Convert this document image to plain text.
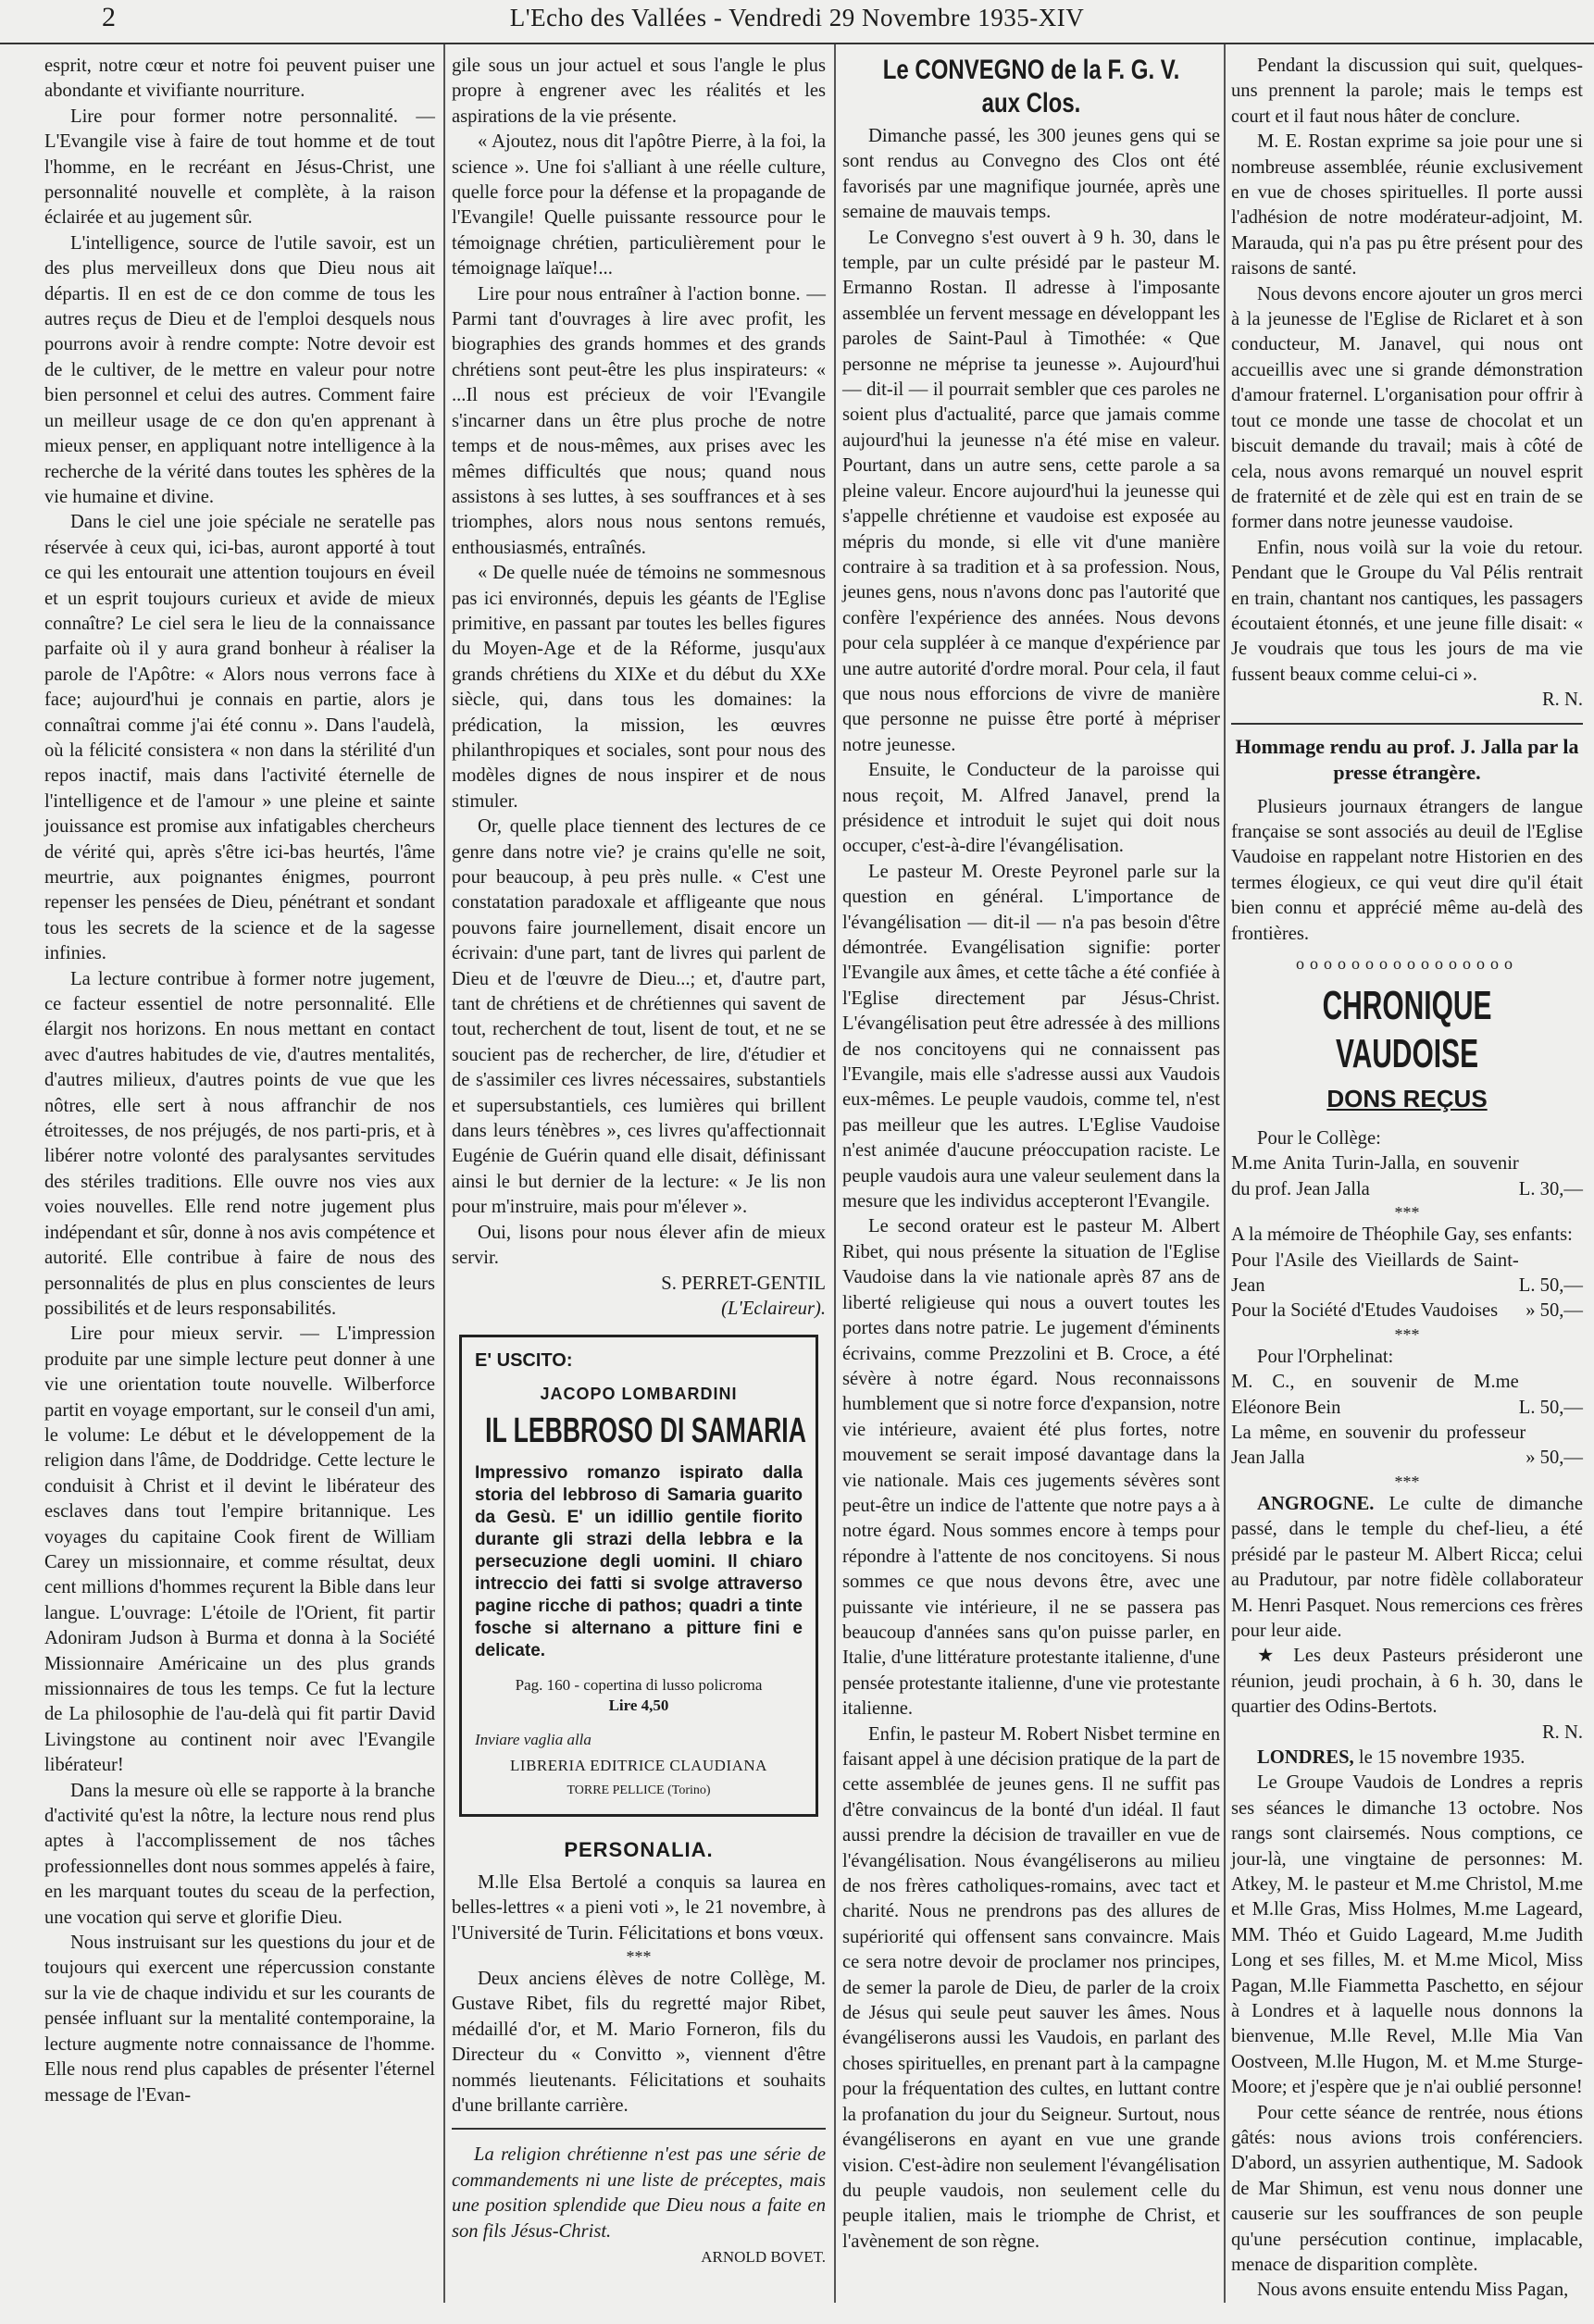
2	L'Echo des Vallées - Vendredi 29 Novembre 1935-XIV

esprit, notre cœur et notre foi peuvent puiser une abondante et vivifiante nourriture.

Lire pour former notre personnalité. — L'Evangile vise à faire de tout homme et de tout l'homme, en le recréant en Jésus-Christ, une personnalité nouvelle et complète, à la raison éclairée et au jugement sûr.

L'intelligence, source de l'utile savoir, est un des plus merveilleux dons que Dieu nous ait départis. Il en est de ce don comme de tous les autres reçus de Dieu et de l'emploi desquels nous pourrons avoir à rendre compte: Notre devoir est de le cultiver, de le mettre en valeur pour notre bien personnel et celui des autres. Comment faire un meilleur usage de ce don qu'en apprenant à mieux penser, en appliquant notre intelligence à la recherche de la vérité dans toutes les sphères de la vie humaine et divine.

Dans le ciel une joie spéciale ne seratelle pas réservée à ceux qui, ici-bas, auront apporté à tout ce qui les entourait une attention toujours en éveil et un esprit toujours curieux et avide de mieux connaître? Le ciel sera le lieu de la connaissance parfaite où il y aura grand bonheur à réaliser la parole de l'Apôtre: « Alors nous verrons face à face; aujourd'hui je connais en partie, alors je connaîtrai comme j'ai été connu ». Dans l'audelà, où la félicité consistera « non dans la stérilité d'un repos inactif, mais dans l'activité éternelle de l'intelligence et de l'amour » une pleine et sainte jouissance est promise aux infatigables chercheurs de vérité qui, après s'être ici-bas heurtés, l'âme meurtrie, aux poignantes énigmes, pourront repenser les pensées de Dieu, pénétrant et sondant tous les secrets de la science et de la sagesse infinies.

La lecture contribue à former notre jugement, ce facteur essentiel de notre personnalité. Elle élargit nos horizons. En nous mettant en contact avec d'autres habitudes de vie, d'autres mentalités, d'autres milieux, d'autres points de vue que les nôtres, elle sert à nous affranchir de nos étroitesses, de nos préjugés, de nos parti-pris, et à libérer notre volonté des paralysantes servitudes des stériles traditions. Elle ouvre nos vies aux voies nouvelles. Elle rend notre jugement plus indépendant et sûr, donne à nos avis compétence et autorité. Elle contribue à faire de nous des personnalités de plus en plus conscientes de leurs possibilités et de leurs responsabilités.

Lire pour mieux servir. — L'impression produite par une simple lecture peut donner à une vie une orientation toute nouvelle. Wilberforce partit en voyage emportant, sur le conseil d'un ami, le volume: Le début et le développement de la religion dans l'âme, de Doddridge. Cette lecture le conduisit à Christ et il devint le libérateur des esclaves dans tout l'empire britannique. Les voyages du capitaine Cook firent de William Carey un missionnaire, et comme résultat, deux cent millions d'hommes reçurent la Bible dans leur langue. L'ouvrage: L'étoile de l'Orient, fit partir Adoniram Judson à Burma et donna à la Société Missionnaire Américaine un des plus grands missionnaires de tous les temps. Ce fut la lecture de La philosophie de l'au-delà qui fit partir David Livingstone au continent noir avec l'Evangile libérateur!

Dans la mesure où elle se rapporte à la branche d'activité qu'est la nôtre, la lecture nous rend plus aptes à l'accomplissement de nos tâches professionnelles dont nous sommes appelés à faire, en les marquant toutes du sceau de la perfection, une vocation qui serve et glorifie Dieu.

Nous instruisant sur les questions du jour et de toujours qui exercent une répercussion constante sur la vie de chaque individu et sur les courants de pensée influant sur la mentalité contemporaine, la lecture augmente notre connaissance de l'homme. Elle nous rend plus capables de présenter l'éternel message de l'Evan-

gile sous un jour actuel et sous l'angle le plus propre à engrener avec les réalités et les aspirations de la vie présente.

« Ajoutez, nous dit l'apôtre Pierre, à la foi, la science ». Une foi s'alliant à une réelle culture, quelle force pour la défense et la propagande de l'Evangile! Quelle puissante ressource pour le témoignage chrétien, particulièrement pour le témoignage laïque!...

Lire pour nous entraîner à l'action bonne. — Parmi tant d'ouvrages à lire avec profit, les biographies des grands hommes et des grands chrétiens sont peut-être les plus inspirateurs: « ...Il nous est précieux de voir l'Evangile s'incarner dans un être plus proche de notre temps et de nous-mêmes, aux prises avec les mêmes difficultés que nous; quand nous assistons à ses luttes, à ses souffrances et à ses triomphes, alors nous nous sentons remués, enthousiasmés, entraînés.

« De quelle nuée de témoins ne sommesnous pas ici environnés, depuis les géants de l'Eglise primitive, en passant par toutes les belles figures du Moyen-Age et de la Réforme, jusqu'aux grands chrétiens du XIXe et du début du XXe siècle, qui, dans tous les domaines: la prédication, la mission, les œuvres philanthropiques et sociales, sont pour nous des modèles dignes de nous inspirer et de nous stimuler.

Or, quelle place tiennent des lectures de ce genre dans notre vie? je crains qu'elle ne soit, pour beaucoup, à peu près nulle. « C'est une constatation paradoxale et affligeante que nous pouvons faire journellement, disait encore un écrivain: d'une part, tant de livres qui parlent de Dieu et de l'œuvre de Dieu...; et, d'autre part, tant de chrétiens et de chrétiennes qui savent de tout, recherchent de tout, lisent de tout, et ne se soucient pas de rechercher, de lire, d'étudier et de s'assimiler ces livres nécessaires, substantiels et supersubstantiels, ces lumières qui brillent dans leurs ténèbres », ces livres qu'affectionnait Eugénie de Guérin quand elle disait, définissant ainsi le but dernier de la lecture: « Je lis non pour m'instruire, mais pour m'élever ».

Oui, lisons pour nous élever afin de mieux servir.

S. PERRET-GENTIL

(L'Eclaireur).

E' USCITO:
JACOPO LOMBARDINI
IL LEBBROSO DI SAMARIA
Impressivo romanzo ispirato dalla storia del lebbroso di Samaria guarito da Gesù. E' un idillio gentile fiorito durante gli strazi della lebbra e la persecuzione degli uomini. Il chiaro intreccio dei fatti si svolge attraverso pagine ricche di pathos; quadri a tinte fosche si alternano a pitture fini e delicate.
Pag. 160 - copertina di lusso policroma
Lire 4,50
Inviare vaglia alla
LIBRERIA EDITRICE CLAUDIANA
TORRE PELLICE (Torino)
PERSONALIA.

M.lle Elsa Bertolé a conquis sa laurea en belles-lettres « a pieni voti », le 21 novembre, à l'Université de Turin. Félicitations et bons vœux.

***

Deux anciens élèves de notre Collège, M. Gustave Ribet, fils du regretté major Ribet, médaillé d'or, et M. Mario Forneron, fils du Directeur du « Convitto », viennent d'être nommés lieutenants. Félicitations et souhaits d'une brillante carrière.

La religion chrétienne n'est pas une série de commandements ni une liste de préceptes, mais une position splendide que Dieu nous a faite en son fils Jésus-Christ.

ARNOLD BOVET.

Le CONVEGNO de la F. G. V. aux Clos.

Dimanche passé, les 300 jeunes gens qui se sont rendus au Convegno des Clos ont été favorisés par une magnifique journée, après une semaine de mauvais temps.

Le Convegno s'est ouvert à 9 h. 30, dans le temple, par un culte présidé par le pasteur M. Ermanno Rostan. Il adresse à l'imposante assemblée un fervent message en développant les paroles de Saint-Paul à Timothée: « Que personne ne méprise ta jeunesse ». Aujourd'hui — dit-il — il pourrait sembler que ces paroles ne soient plus d'actualité, parce que jamais comme aujourd'hui la jeunesse n'a été mise en valeur. Pourtant, dans un autre sens, cette parole a sa pleine valeur. Encore aujourd'hui la jeunesse qui s'appelle chrétienne et vaudoise est exposée au mépris du monde, si elle vit d'une manière contraire à sa tradition et à sa profession. Nous, jeunes gens, nous n'avons donc pas l'autorité que confère l'expérience des années. Nous devons pour cela suppléer à ce manque d'expérience par une autre autorité d'ordre moral. Pour cela, il faut que nous nous efforcions de vivre de manière que personne ne puisse être porté à mépriser notre jeunesse.

Ensuite, le Conducteur de la paroisse qui nous reçoit, M. Alfred Janavel, prend la présidence et introduit le sujet qui doit nous occuper, c'est-à-dire l'évangélisation.

Le pasteur M. Oreste Peyronel parle sur la question en général. L'importance de l'évangélisation — dit-il — n'a pas besoin d'être démontrée. Evangélisation signifie: porter l'Evangile aux âmes, et cette tâche a été confiée à l'Eglise directement par Jésus-Christ. L'évangélisation peut être adressée à des millions de nos concitoyens qui ne connaissent pas l'Evangile, mais elle s'adresse aussi aux Vaudois eux-mêmes. Le peuple vaudois, comme tel, n'est pas meilleur que les autres. L'Eglise Vaudoise n'est animée d'aucune préoccupation raciste. Le peuple vaudois aura une valeur seulement dans la mesure que les individus accepteront l'Evangile.

Le second orateur est le pasteur M. Albert Ribet, qui nous présente la situation de l'Eglise Vaudoise dans la vie nationale après 87 ans de liberté religieuse qui nous a ouvert toutes les portes dans notre patrie. Le jugement d'éminents écrivains, comme Prezzolini et B. Croce, a été sévère à notre égard. Nous reconnaissons humblement que si notre force d'expansion, notre vie intérieure, avaient été plus fortes, notre mouvement se serait imposé davantage dans la vie nationale. Mais ces jugements sévères sont peut-être un indice de l'attente que notre pays a à notre égard. Nous sommes encore à temps pour répondre à l'attente de nos concitoyens. Si nous sommes ce que nous devons être, avec une puissante vie intérieure, il ne se passera pas beaucoup d'années sans qu'on puisse parler, en Italie, d'une littérature protestante italienne, d'une pensée protestante italienne, d'une vie protestante italienne.

Enfin, le pasteur M. Robert Nisbet termine en faisant appel à une décision pratique de la part de cette assemblée de jeunes gens. Il ne suffit pas d'être convaincus de la bonté d'un idéal. Il faut aussi prendre la décision de travailler en vue de l'évangélisation. Nous évangéliserons au milieu de nos frères catholiques-romains, avec tact et charité. Nous ne prendrons pas des allures de supériorité qui offensent sans convaincre. Mais ce sera notre devoir de proclamer nos principes, de semer la parole de Dieu, de parler de la croix de Jésus qui seule peut sauver les âmes. Nous évangéliserons aussi les Vaudois, en parlant des choses spirituelles, en prenant part à la campagne pour la fréquentation des cultes, en luttant contre la profanation du jour du Seigneur. Surtout, nous évangéliserons en ayant en vue une grande vision. C'est-àdire non seulement l'évangélisation du peuple vaudois, non seulement celle du peuple italien, mais le triomphe de Christ, et l'avènement de son règne.

Pendant la discussion qui suit, quelques-uns prennent la parole; mais le temps est court et il faut nous hâter de conclure.

M. E. Rostan exprime sa joie pour une si nombreuse assemblée, réunie exclusivement en vue de choses spirituelles. Il porte aussi l'adhésion de notre modérateur-adjoint, M. Marauda, qui n'a pas pu être présent pour des raisons de santé.

Nous devons encore ajouter un gros merci à la jeunesse de l'Eglise de Riclaret et à son conducteur, M. Janavel, qui nous ont accueillis avec une si grande démonstration d'amour fraternel. L'organisation pour offrir à tout ce monde une tasse de chocolat et un biscuit demande du travail; mais à côté de cela, nous avons remarqué un nouvel esprit de fraternité et de zèle qui est en train de se former dans notre jeunesse vaudoise.

Enfin, nous voilà sur la voie du retour. Pendant que le Groupe du Val Pélis rentrait en train, chantant nos cantiques, les passagers écoutaient étonnés, et une jeune fille disait: « Je voudrais que tous les jours de ma vie fussent beaux comme celui-ci ».

R. N.

Hommage rendu au prof. J. Jalla par la presse étrangère.

Plusieurs journaux étrangers de langue française se sont associés au deuil de l'Eglise Vaudoise en rappelant notre Historien en des termes élogieux, ce qui veut dire qu'il était bien connu et apprécié même au-delà des frontières.

oooooooooooooooo
CHRONIQUE VAUDOISE
DONS REÇUS

Pour le Collège:

M.me Anita Turin-Jalla, en souvenir du prof. Jean Jalla	L. 30,—
***

A la mémoire de Théophile Gay, ses enfants:

Pour l'Asile des Vieillards de Saint-Jean	L. 50,—
Pour la Société d'Etudes Vaudoises » 50,—
***

Pour l'Orphelinat:

M. C., en souvenir de M.me Eléonore Bein	L. 50,—
La même, en souvenir du professeur Jean Jalla	» 50,—
***

ANGROGNE. Le culte de dimanche passé, dans le temple du chef-lieu, a été présidé par le pasteur M. Albert Ricca; celui au Pradutour, par notre fidèle collaborateur M. Henri Pasquet. Nous remercions ces frères pour leur aide.

★ Les deux Pasteurs présideront une réunion, jeudi prochain, à 6 h. 30, dans le quartier des Odins-Bertots.

R. N.

LONDRES, le 15 novembre 1935.

Le Groupe Vaudois de Londres a repris ses séances le dimanche 13 octobre. Nos rangs sont clairsemés. Nous comptions, ce jour-là, une vingtaine de personnes: M. Atkey, M. le pasteur et M.me Christol, M.me et M.lle Gras, Miss Holmes, M.me Lageard, MM. Théo et Guido Lageard, M.me Judith Long et ses filles, M. et M.me Micol, Miss Pagan, M.lle Fiammetta Paschetto, en séjour à Londres et à laquelle nous donnons la bienvenue, M.lle Revel, M.lle Mia Van Oostveen, M.lle Hugon, M. et M.me Sturge-Moore; et j'espère que je n'ai oublié personne!

Pour cette séance de rentrée, nous étions gâtés: nous avions trois conférenciers. D'abord, un assyrien authentique, M. Sadook de Mar Shimun, est venu nous donner une causerie sur les souffrances de son peuple qu'une persécution continue, implacable, menace de disparition complète.

Nous avons ensuite entendu Miss Pagan,
